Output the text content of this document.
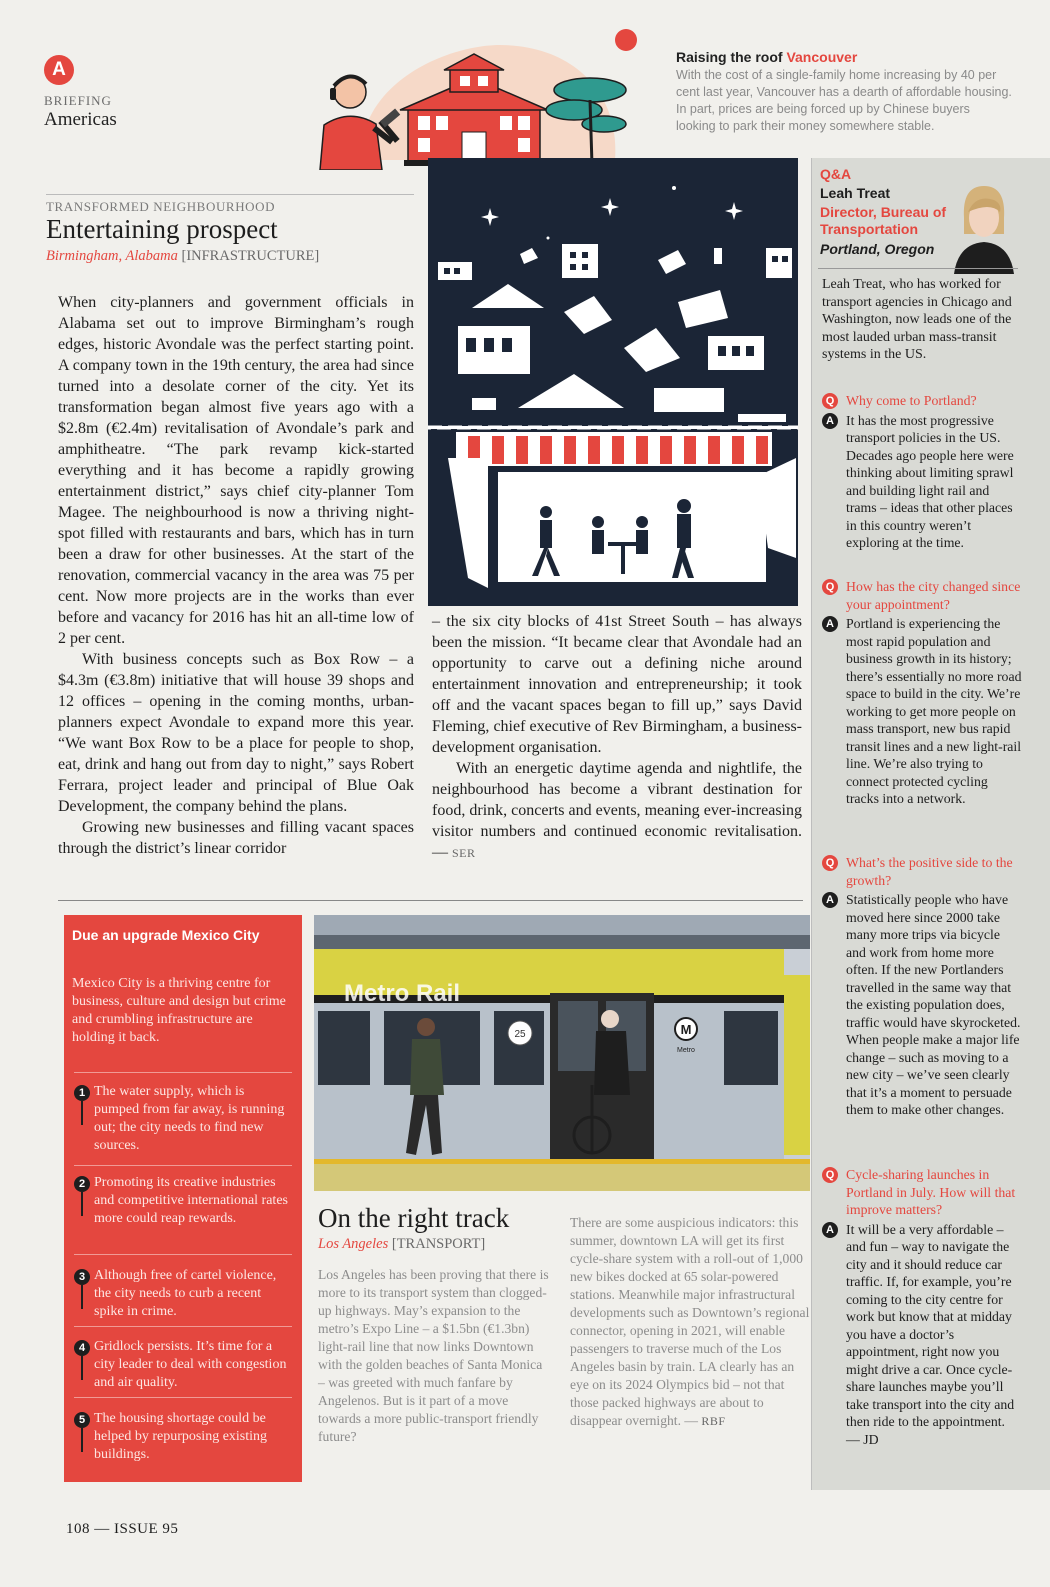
A
BRIEFING
Americas
Raising the roof Vancouver
With the cost of a single-family home increasing by 40 per cent last year, Vancouver has a dearth of affordable housing. In part, prices are being forced up by Chinese buyers looking to park their money somewhere stable.
TRANSFORMED NEIGHBOURHOOD
Entertaining prospect
Birmingham, Alabama [INFRASTRUCTURE]

When city-planners and government officials in Alabama set out to improve Birmingham’s rough edges, historic Avondale was the perfect starting point. A company town in the 19th century, the area had since turned into a desolate corner of the city. Yet its transformation began almost five years ago with a $2.8m (€2.4m) revitalisation of Avondale’s park and amphitheatre. “The park revamp kick-started everything and it has become a rapidly growing entertainment district,” says chief city-planner Tom Magee. The neighbourhood is now a thriving night-spot filled with restaurants and bars, which has in turn been a draw for other businesses. At the start of the renovation, commercial vacancy in the area was 75 per cent. Now more projects are in the works than ever before and vacancy for 2016 has hit an all-time low of 2 per cent.

With business concepts such as Box Row – a $4.3m (€3.8m) initiative that will house 39 shops and 12 offices – opening in the coming months, urban-planners expect Avondale to expand more this year. “We want Box Row to be a place for people to shop, eat, drink and hang out from day to night,” says Robert Ferrara, project leader and principal of Blue Oak Development, the company behind the plans.

Growing new businesses and filling vacant spaces through the district’s linear corridor

– the six city blocks of 41st Street South – has always been the mission. “It became clear that Avondale had an opportunity to carve out a defining niche around entertainment innovation and entrepreneurship; it took off and the vacant spaces began to fill up,” says David Fleming, chief executive of Rev Birmingham, a business-development organisation.

With an energetic daytime agenda and nightlife, the neighbourhood has become a vibrant destination for food, drink, concerts and events, meaning ever-increasing visitor numbers and continued economic revitalisation. — SER

Due an upgrade Mexico City
Mexico City is a thriving centre for business, culture and design but crime and crumbling infrastructure are holding it back.
1 The water supply, which is pumped from far away, is running out; the city needs to find new sources.
2 Promoting its creative industries and competitive international rates more could reap rewards.
3 Although free of cartel violence, the city needs to curb a recent spike in crime.
4 Gridlock persists. It’s time for a city leader to deal with congestion and air quality.
5 The housing shortage could be helped by repurposing existing buildings.
Metro Rail	141
25	M
Metro
On the right track
Los Angeles [TRANSPORT]
Los Angeles has been proving that there is more to its transport system than clogged-up highways. May’s expansion to the metro’s Expo Line – a $1.5bn (€1.3bn) light-rail line that now links Downtown with the golden beaches of Santa Monica – was greeted with much fanfare by Angelenos. But is it part of a move towards a more public-transport friendly future?
There are some auspicious indicators: this summer, downtown LA will get its first cycle-share system with a roll-out of 1,000 new bikes docked at 65 solar-powered stations. Meanwhile major infrastructural developments such as Downtown’s regional connector, opening in 2021, will enable passengers to traverse much of the Los Angeles basin by train. LA clearly has an eye on its 2024 Olympics bid – not that those packed highways are about to disappear overnight. — RBF
Q&A
Leah Treat
Director, Bureau of Transportation
Portland, Oregon
Leah Treat, who has worked for transport agencies in Chicago and Washington, now leads one of the most lauded urban mass-transit systems in the US.
Q Why come to Portland?
A It has the most progressive transport policies in the US. Decades ago people here were thinking about limiting sprawl and building light rail and trams – ideas that other places in this country weren’t exploring at the time.
Q How has the city changed since your appointment?
A Portland is experiencing the most rapid population and business growth in its history; there’s essentially no more road space to build in the city. We’re working to get more people on mass transport, new bus rapid transit lines and a new light-rail line. We’re also trying to connect protected cycling tracks into a network.
Q What’s the positive side to the growth?
A Statistically people who have moved here since 2000 take many more trips via bicycle and work from home more often. If the new Portlanders travelled in the same way that the existing population does, traffic would have skyrocketed. When people make a major life change – such as moving to a new city – we’ve seen clearly that it’s a moment to persuade them to make other changes.
Q Cycle-sharing launches in Portland in July. How will that improve matters?
A It will be a very affordable – and fun – way to navigate the city and it should reduce car traffic. If, for example, you’re coming to the city centre for work but know that at midday you have a doctor’s appointment, right now you might drive a car. Once cycle-share launches maybe you’ll take transport into the city and then ride to the appointment. — JD
108 — ISSUE 95
